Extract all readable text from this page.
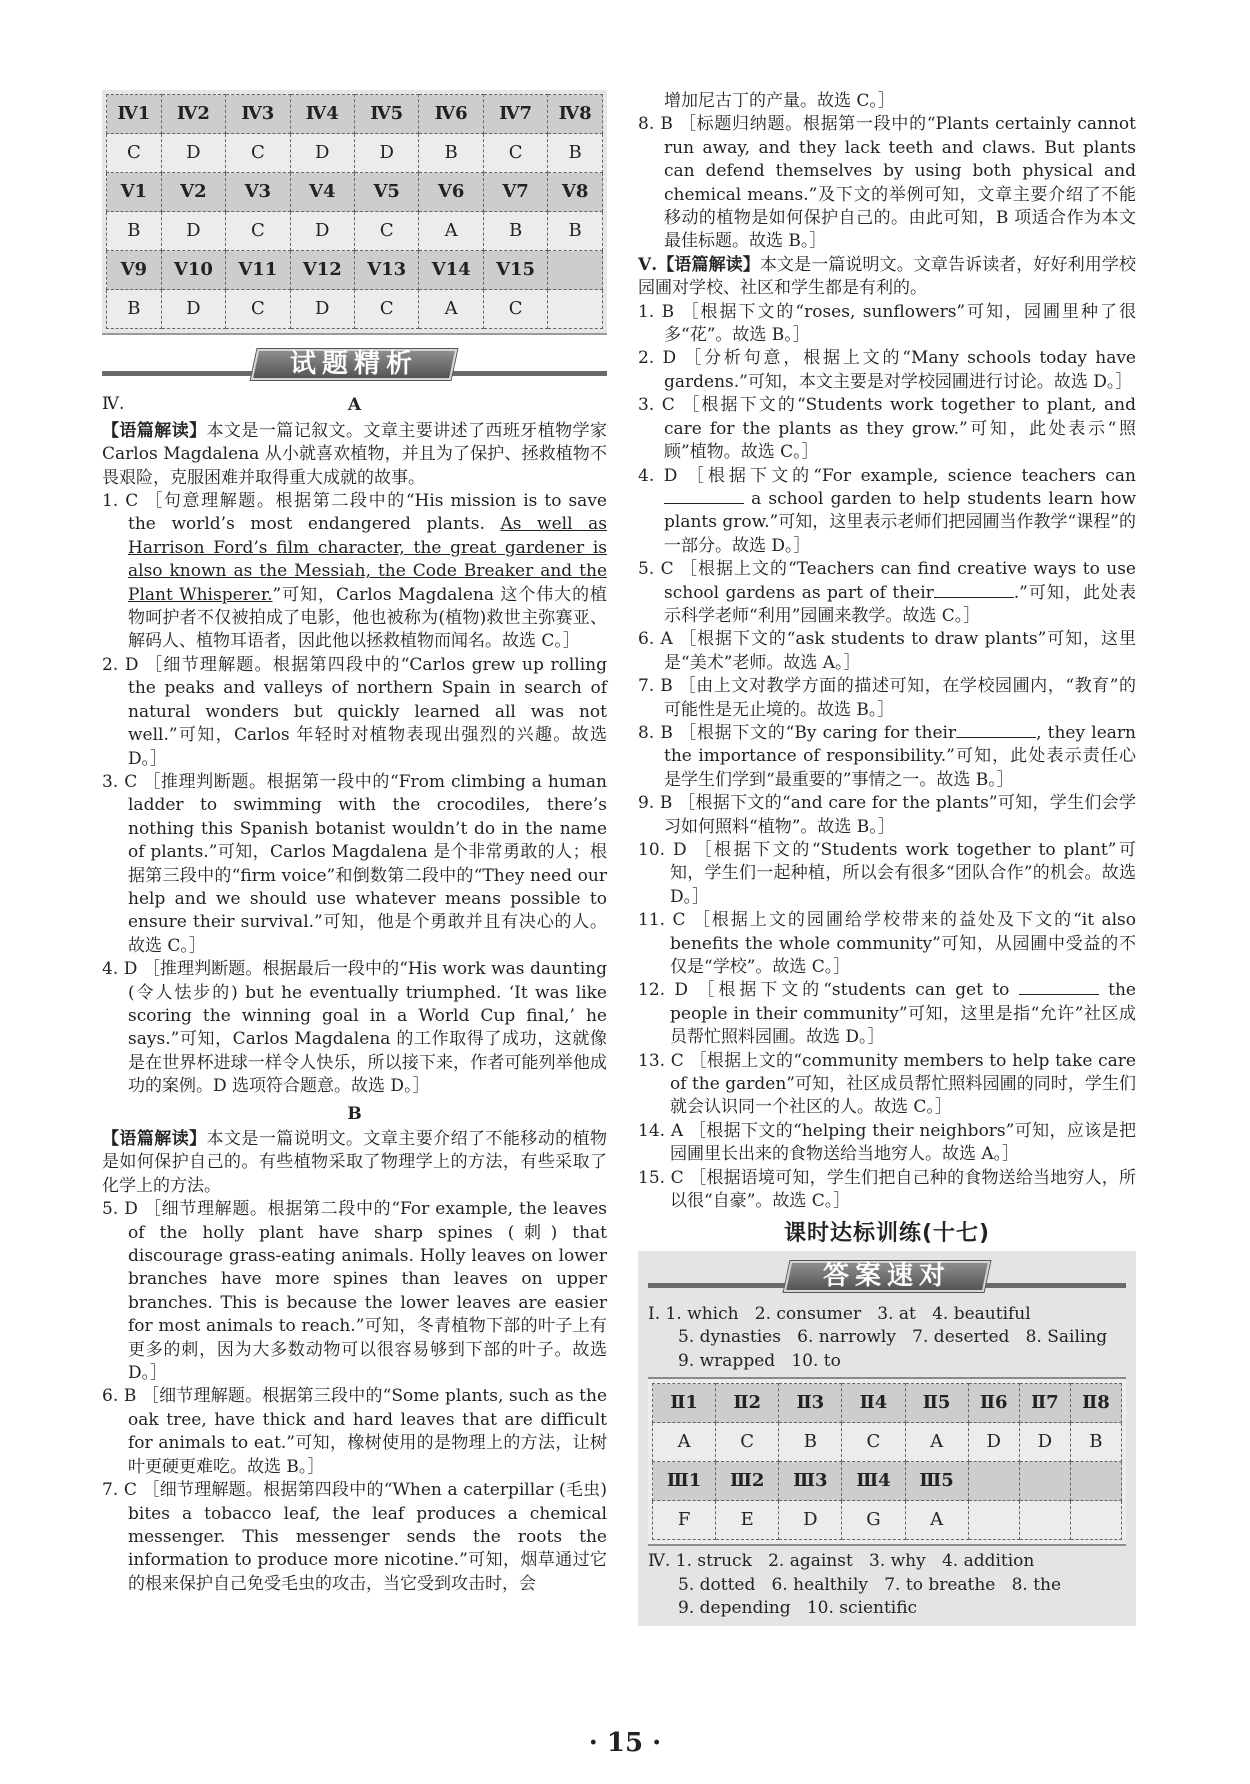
Ⅳ1	Ⅳ2	Ⅳ3	Ⅳ4	Ⅳ5	Ⅳ6	Ⅳ7	Ⅳ8
C	D	C	D	D	B	C	B
Ⅴ1	Ⅴ2	Ⅴ3	Ⅴ4	Ⅴ5	Ⅴ6	Ⅴ7	Ⅴ8
B	D	C	D	C	A	B	B
Ⅴ9	Ⅴ10	Ⅴ11	Ⅴ12	Ⅴ13	Ⅴ14	Ⅴ15	
B	D	C	D	C	A	C	
试题精析

Ⅳ.	A

【语篇解读】本文是一篇记叙文。文章主要讲述了西班牙植物学家 Carlos Magdalena 从小就喜欢植物，并且为了保护、拯救植物不畏艰险，克服困难并取得重大成就的故事。

1. C ［句意理解题。根据第二段中的“His mission is to save the world’s most endangered plants. As well as Harrison Ford’s film character, the great gardener is also known as the Messiah, the Code Breaker and the Plant Whisperer.”可知，Carlos Magdalena 这个伟大的植物呵护者不仅被拍成了电影，他也被称为(植物)救世主弥赛亚、解码人、植物耳语者，因此他以拯救植物而闻名。故选 C。］

2. D ［细节理解题。根据第四段中的“Carlos grew up rolling the peaks and valleys of northern Spain in search of natural wonders but quickly learned all was not well.”可知，Carlos 年轻时对植物表现出强烈的兴趣。故选 D。］

3. C ［推理判断题。根据第一段中的“From climbing a human ladder to swimming with the crocodiles, there’s nothing this Spanish botanist wouldn’t do in the name of plants.”可知，Carlos Magdalena 是个非常勇敢的人；根据第三段中的“firm voice”和倒数第二段中的“They need our help and we should use whatever means possible to ensure their survival.”可知，他是个勇敢并且有决心的人。故选 C。］

4. D ［推理判断题。根据最后一段中的“His work was daunting (令人怯步的) but he eventually triumphed. ‘It was like scoring the winning goal in a World Cup final,’ he says.”可知，Carlos Magdalena 的工作取得了成功，这就像是在世界杯进球一样令人快乐，所以接下来，作者可能列举他成功的案例。D 选项符合题意。故选 D。］

B

【语篇解读】本文是一篇说明文。文章主要介绍了不能移动的植物是如何保护自己的。有些植物采取了物理学上的方法，有些采取了化学上的方法。

5. D ［细节理解题。根据第二段中的“For example, the leaves of the holly plant have sharp spines (刺) that discourage grass-eating animals. Holly leaves on lower branches have more spines than leaves on upper branches. This is because the lower leaves are easier for most animals to reach.”可知，冬青植物下部的叶子上有更多的刺，因为大多数动物可以很容易够到下部的叶子。故选 D。］

6. B ［细节理解题。根据第三段中的“Some plants, such as the oak tree, have thick and hard leaves that are difficult for animals to eat.”可知，橡树使用的是物理上的方法，让树叶更硬更难吃。故选 B。］

7. C ［细节理解题。根据第四段中的“When a caterpillar (毛虫) bites a tobacco leaf, the leaf produces a chemical messenger. This messenger sends the roots the information to produce more nicotine.”可知，烟草通过它的根来保护自己免受毛虫的攻击，当它受到攻击时，会

增加尼古丁的产量。故选 C。］

8. B ［标题归纳题。根据第一段中的“Plants certainly cannot run away, and they lack teeth and claws. But plants can defend themselves by using both physical and chemical means.”及下文的举例可知，文章主要介绍了不能移动的植物是如何保护自己的。由此可知，B 项适合作为本文最佳标题。故选 B。］

Ⅴ.【语篇解读】本文是一篇说明文。文章告诉读者，好好利用学校园圃对学校、社区和学生都是有利的。

1. B ［根据下文的“roses, sunflowers”可知，园圃里种了很多“花”。故选 B。］

2. D ［分析句意，根据上文的“Many schools today have gardens.”可知，本文主要是对学校园圃进行讨论。故选 D。］

3. C ［根据下文的“Students work together to plant, and care for the plants as they grow.”可知，此处表示“照顾”植物。故选 C。］

4. D ［根据下文的“For example, science teachers can  a school garden to help students learn how plants grow.”可知，这里表示老师们把园圃当作教学“课程”的一部分。故选 D。］

5. C ［根据上文的“Teachers can find creative ways to use school gardens as part of their	.”可知，此处表示科学老师“利用”园圃来教学。故选 C。］

6. A ［根据下文的“ask students to draw plants”可知，这里是“美术”老师。故选 A。］

7. B ［由上文对教学方面的描述可知，在学校园圃内，“教育”的可能性是无止境的。故选 B。］

8. B ［根据下文的“By caring for their	, they learn the importance of responsibility.”可知，此处表示责任心是学生们学到“最重要的”事情之一。故选 B。］

9. B ［根据下文的“and care for the plants”可知，学生们会学习如何照料“植物”。故选 B。］

10. D ［根据下文的“Students work together to plant”可知，学生们一起种植，所以会有很多“团队合作”的机会。故选 D。］

11. C ［根据上文的园圃给学校带来的益处及下文的“it also benefits the whole community”可知，从园圃中受益的不仅是“学校”。故选 C。］

12. D ［根据下文的“students can get to	the people in their community”可知，这里是指“允许”社区成员帮忙照料园圃。故选 D。］

13. C ［根据上文的“community members to help take care of the garden”可知，社区成员帮忙照料园圃的同时，学生们就会认识同一个社区的人。故选 C。］

14. A ［根据下文的“helping their neighbors”可知，应该是把园圃里长出来的食物送给当地穷人。故选 A。］

15. C ［根据语境可知，学生们把自己种的食物送给当地穷人，所以很“自豪”。故选 C。］

课时达标训练(十七)
答案速对

Ⅰ. 1. which   2. consumer   3. at   4. beautiful

5. dynasties   6. narrowly   7. deserted   8. Sailing

9. wrapped   10. to

Ⅱ1	Ⅱ2	Ⅱ3	Ⅱ4	Ⅱ5	Ⅱ6	Ⅱ7	Ⅱ8
A	C	B	C	A	D	D	B
Ⅲ1	Ⅲ2	Ⅲ3	Ⅲ4	Ⅲ5			
F	E	D	G	A			

Ⅳ. 1. struck   2. against   3. why   4. addition

5. dotted   6. healthily   7. to breathe   8. the

9. depending   10. scientific

· 15 ·
